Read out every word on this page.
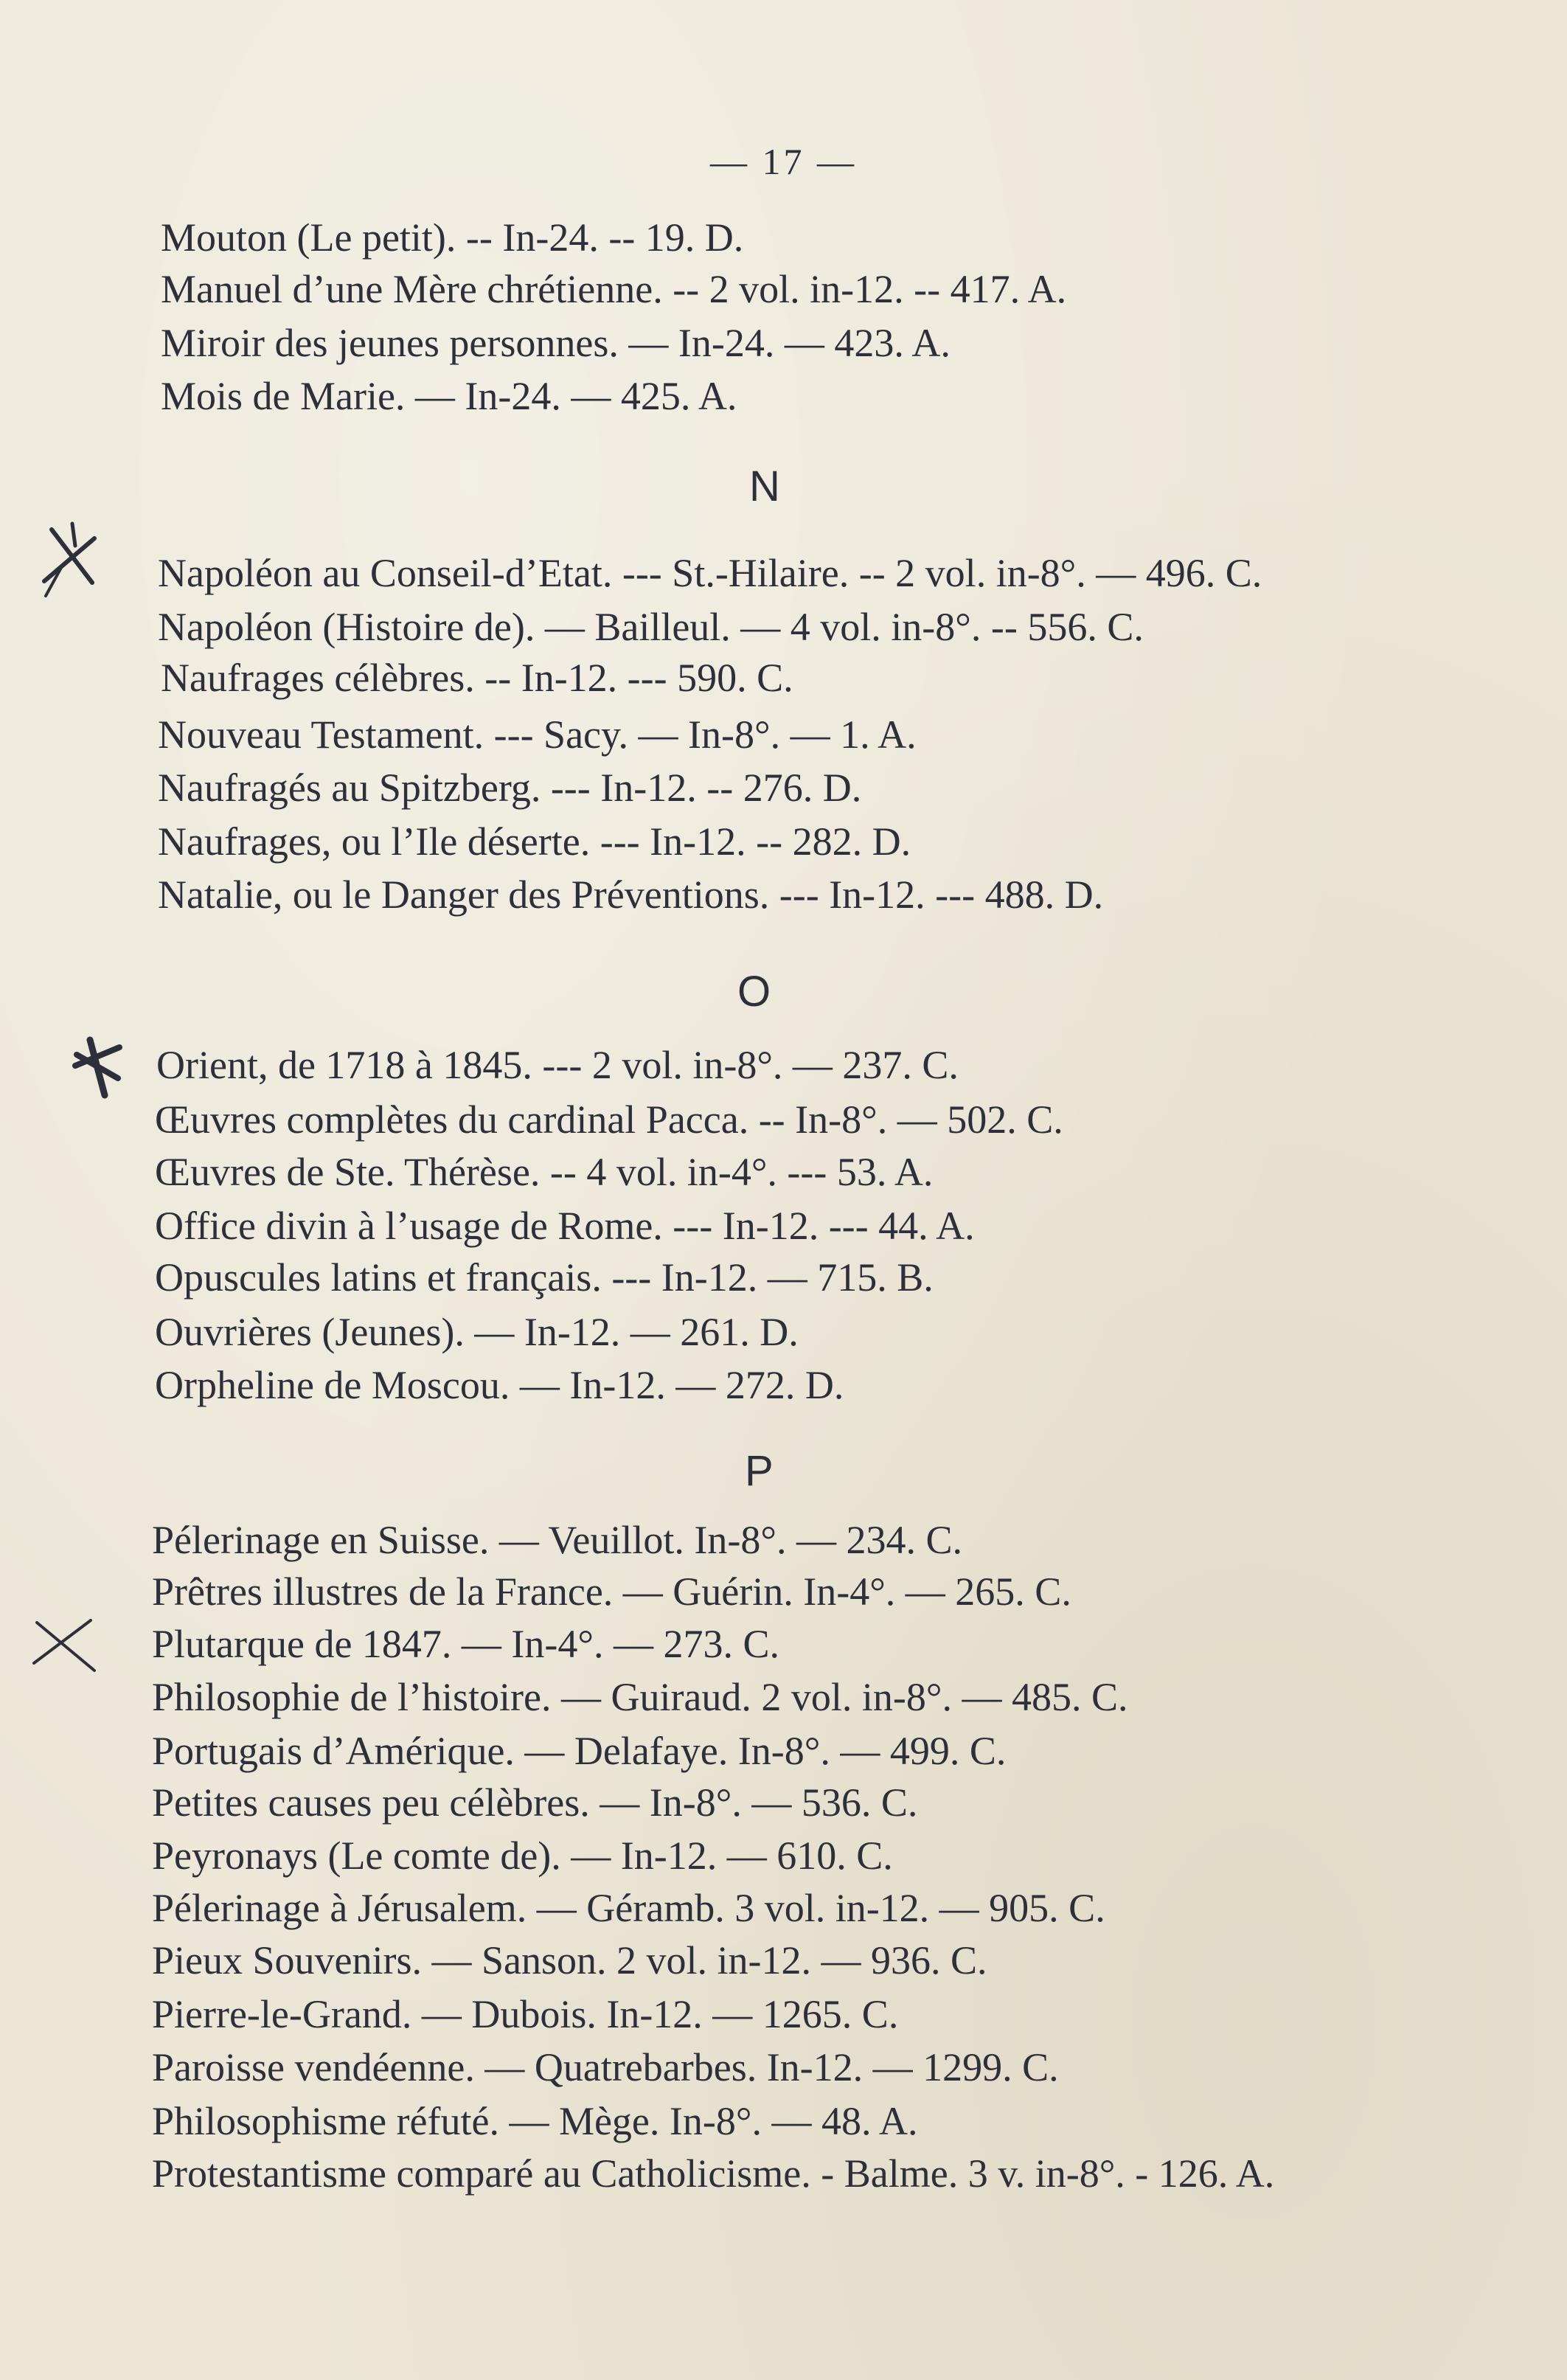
— 17 —
Mouton (Le petit). -- In-24. -- 19. D.
Manuel d’une Mère chrétienne. -- 2 vol. in-12. -- 417. A.
Miroir des jeunes personnes. — In-24. — 423. A.
Mois de Marie. — In-24. — 425. A.
N
Napoléon au Conseil-d’Etat. --- St.-Hilaire. -- 2 vol. in-8°. — 496. C.
Napoléon (Histoire de). — Bailleul. — 4 vol. in-8°. -- 556. C.
Naufrages célèbres. -- In-12. --- 590. C.
Nouveau Testament. --- Sacy. — In-8°. — 1. A.
Naufragés au Spitzberg. --- In-12. -- 276. D.
Naufrages, ou l’Ile déserte. --- In-12. -- 282. D.
Natalie, ou le Danger des Préventions. --- In-12. --- 488. D.
O
Orient, de 1718 à 1845. --- 2 vol. in-8°. — 237. C.
Œuvres complètes du cardinal Pacca. -- In-8°. — 502. C.
Œuvres de Ste. Thérèse. -- 4 vol. in-4°. --- 53. A.
Office divin à l’usage de Rome. --- In-12. --- 44. A.
Opuscules latins et français. --- In-12. — 715. B.
Ouvrières (Jeunes). — In-12. — 261. D.
Orpheline de Moscou. — In-12. — 272. D.
P
Pélerinage en Suisse. — Veuillot. In-8°. — 234. C.
Prêtres illustres de la France. — Guérin. In-4°. — 265. C.
Plutarque de 1847. — In-4°. — 273. C.
Philosophie de l’histoire. — Guiraud. 2 vol. in-8°. — 485. C.
Portugais d’Amérique. — Delafaye. In-8°. — 499. C.
Petites causes peu célèbres. — In-8°. — 536. C.
Peyronays (Le comte de). — In-12. — 610. C.
Pélerinage à Jérusalem. — Géramb. 3 vol. in-12. — 905. C.
Pieux Souvenirs. — Sanson. 2 vol. in-12. — 936. C.
Pierre-le-Grand. — Dubois. In-12. — 1265. C.
Paroisse vendéenne. — Quatrebarbes. In-12. — 1299. C.
Philosophisme réfuté. — Mège. In-8°. — 48. A.
Protestantisme comparé au Catholicisme. - Balme. 3 v. in-8°. - 126. A.
